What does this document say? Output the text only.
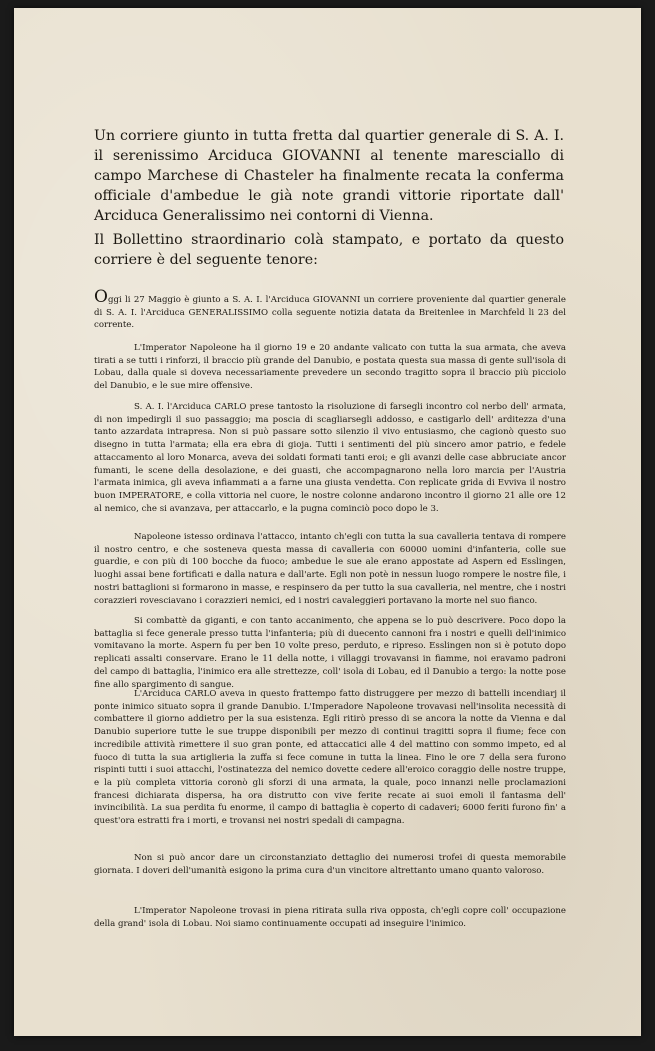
Un corriere giunto in tutta fretta dal quartier generale di S. A. I. il serenissimo Arciduca GIOVANNI al tenente maresciallo di campo Marchese di Chasteler ha finalmente recata la conferma officiale d'ambedue le già note grandi vittorie riportate dall' Arciduca Generalissimo nei contorni di Vienna.

Il Bollettino straordinario colà stampato, e portato da questo corriere è del seguente tenore:

Oggi li 27 Maggio è giunto a S. A. I. l'Arciduca GIOVANNI un corriere proveniente dal quartier generale di S. A. I. l'Arciduca GENERALISSIMO colla seguente notizia datata da Breitenlee in Marchfeld li 23 del corrente.

L'Imperator Napoleone ha il giorno 19 e 20 andante valicato con tutta la sua armata, che aveva tirati a se tutti i rinforzi, il braccio più grande del Danubio, e postata questa sua massa di gente sull'isola di Lobau, dalla quale si doveva necessariamente prevedere un secondo tragitto sopra il braccio più picciolo del Danubio, e le sue mire offensive.

S. A. I. l'Arciduca CARLO prese tantosto la risoluzione di farsegli incontro col nerbo dell' armata, di non impedirgli il suo passaggio; ma poscia di scagliarsegli addosso, e castigarlo dell' arditezza d'una tanto azzardata intrapresa. Non si può passare sotto silenzio il vivo entusiasmo, che cagionò questo suo disegno in tutta l'armata; ella era ebra di gioja. Tutti i sentimenti del più sincero amor patrio, e fedele attaccamento al loro Monarca, aveva dei soldati formati tanti eroi; e gli avanzi delle case abbruciate ancor fumanti, le scene della desolazione, e dei guasti, che accompagnarono nella loro marcia per l'Austria l'armata inimica, gli aveva infiammati a a farne una giusta vendetta. Con replicate grida di Evviva il nostro buon IMPERATORE, e colla vittoria nel cuore, le nostre colonne andarono incontro il giorno 21 alle ore 12 al nemico, che si avanzava, per attaccarlo, e la pugna cominciò poco dopo le 3.

Napoleone istesso ordinava l'attacco, intanto ch'egli con tutta la sua cavalleria tentava di rompere il nostro centro, e che sosteneva questa massa di cavalleria con 60000 uomini d'infanteria, colle sue guardie, e con più di 100 bocche da fuoco; ambedue le sue ale erano appostate ad Aspern ed Esslingen, luoghi assai bene fortificati e dalla natura e dall'arte. Egli non potè in nessun luogo rompere le nostre file, i nostri battaglioni si formarono in masse, e respinsero da per tutto la sua cavalleria, nel mentre, che i nostri corazzieri rovesciavano i corazzieri nemici, ed i nostri cavaleggieri portavano la morte nel suo fianco.

Si combattè da giganti, e con tanto accanimento, che appena se lo può descrivere. Poco dopo la battaglia si fece generale presso tutta l'infanteria; più di duecento cannoni fra i nostri e quelli dell'inimico vomitavano la morte. Aspern fu per ben 10 volte preso, perduto, e ripreso. Esslingen non si è potuto dopo replicati assalti conservare. Erano le 11 della notte, i villaggi trovavansi in fiamme, noi eravamo padroni del campo di battaglia, l'inimico era alle strettezze, coll' isola di Lobau, ed il Danubio a tergo: la notte pose fine allo spargimento di sangue.

L'Arciduca CARLO aveva in questo frattempo fatto distruggere per mezzo di battelli incendiarj il ponte inimico situato sopra il grande Danubio. L'Imperadore Napoleone trovavasi nell'insolita necessità di combattere il giorno addietro per la sua esistenza. Egli ritirò presso di se ancora la notte da Vienna e dal Danubio superiore tutte le sue truppe disponibili per mezzo di continui tragitti sopra il fiume; fece con incredibile attività rimettere il suo gran ponte, ed attaccatici alle 4 del mattino con sommo impeto, ed al fuoco di tutta la sua artiglieria la zuffa si fece comune in tutta la linea. Fino le ore 7 della sera furono rispinti tutti i suoi attacchi, l'ostinatezza del nemico dovette cedere all'eroico coraggio delle nostre truppe, e la più completa vittoria coronò gli sforzi di una armata, la quale, poco innanzi nelle proclamazioni francesi dichiarata dispersa, ha ora distrutto con vive ferite recate ai suoi emoli il fantasma dell' invincibilità. La sua perdita fu enorme, il campo di battaglia è coperto di cadaveri; 6000 feriti furono fin' a quest'ora estratti fra i morti, e trovansi nei nostri spedali di campagna.

Non si può ancor dare un circonstanziato dettaglio dei numerosi trofei di questa memorabile giornata. I doveri dell'umanità esigono la prima cura d'un vincitore altrettanto umano quanto valoroso.

L'Imperator Napoleone trovasi in piena ritirata sulla riva opposta, ch'egli copre coll' occupazione della grand' isola di Lobau. Noi siamo continuamente occupati ad inseguire l'inimico.
